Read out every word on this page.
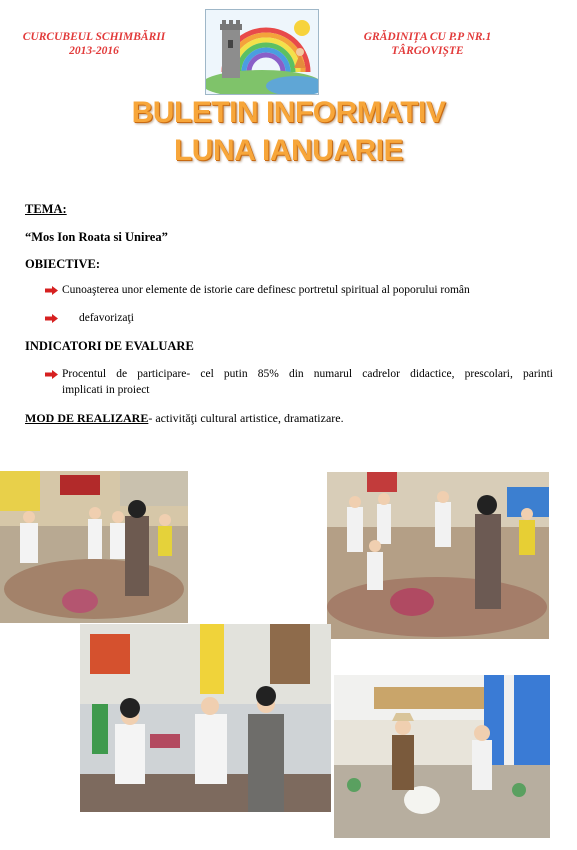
CURCUBEUL SCHIMBĂRII
2013-2016
GRĂDINIȚA CU P.P NR.1
TÂRGOVIȘTE
BULETIN INFORMATIV
LUNA IANUARIE
TEMA:
“Mos Ion Roata si Unirea”
OBIECTIVE:
Cunoaşterea unor elemente de istorie care definesc portretul spiritual al poporului român
defavorizaţi
INDICATORI DE EVALUARE
Procentul de participare- cel putin 85% din numarul cadrelor didactice, prescolari, parinti
implicati in proiect
MOD DE REALIZARE- activităţi cultural artistice, dramatizare.
